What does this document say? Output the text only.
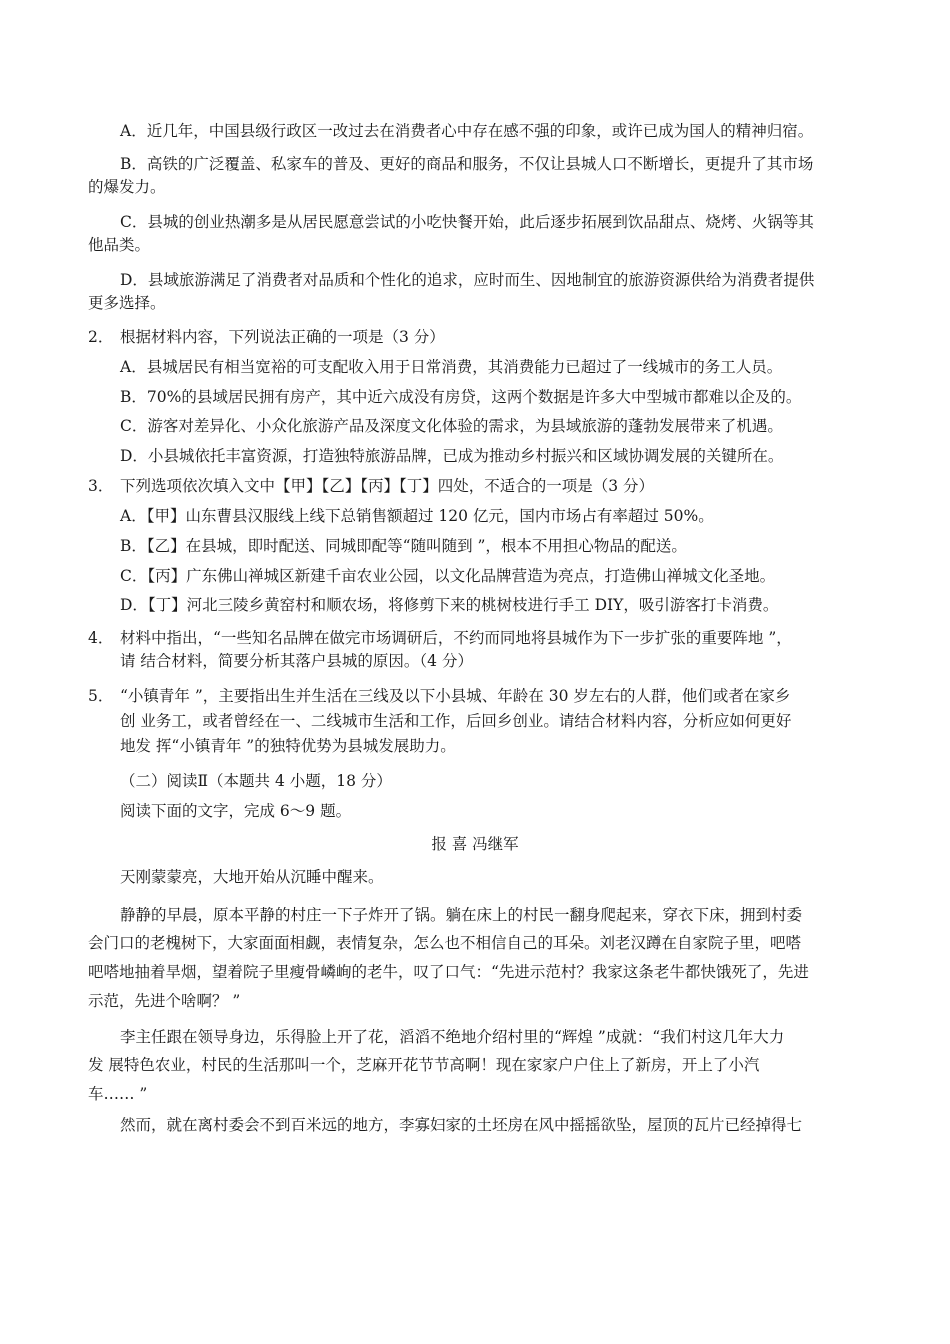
A．近几年，中国县级行政区一改过去在消费者心中存在感不强的印象，或许已成为国人的精神归宿。
B．高铁的广泛覆盖、私家车的普及、更好的商品和服务，不仅让县城人口不断增长，更提升了其市场
的爆发力。
C．县城的创业热潮多是从居民愿意尝试的小吃快餐开始，此后逐步拓展到饮品甜点、烧烤、火锅等其
他品类。
D．县域旅游满足了消费者对品质和个性化的追求，应时而生、因地制宜的旅游资源供给为消费者提供
更多选择。
2． 根据材料内容，下列说法正确的一项是（3 分）
A．县城居民有相当宽裕的可支配收入用于日常消费，其消费能力已超过了一线城市的务工人员。
B．70%的县域居民拥有房产，其中近六成没有房贷，这两个数据是许多大中型城市都难以企及的。
C．游客对差异化、小众化旅游产品及深度文化体验的需求，为县域旅游的蓬勃发展带来了机遇。
D．小县城依托丰富资源，打造独特旅游品牌，已成为推动乡村振兴和区域协调发展的关键所在。
3． 下列选项依次填入文中【甲】【乙】【丙】【丁】四处，不适合的一项是（3 分）
A．【甲】山东曹县汉服线上线下总销售额超过 120 亿元，国内市场占有率超过 50%。
B．【乙】在县城，即时配送、同城即配等“随叫随到 ”，根本不用担心物品的配送。
C．【丙】广东佛山禅城区新建千亩农业公园，以文化品牌营造为亮点，打造佛山禅城文化圣地。
D．【丁】河北三陵乡黄窑村和顺农场，将修剪下来的桃树枝进行手工 DIY，吸引游客打卡消费。
4． 材料中指出，“一些知名品牌在做完市场调研后，不约而同地将县城作为下一步扩张的重要阵地 ”，
请 结合材料，简要分析其落户县城的原因。（4 分）
5． “小镇青年 ”，主要指出生并生活在三线及以下小县城、年龄在 30 岁左右的人群，他们或者在家乡
创 业务工，或者曾经在一、二线城市生活和工作，后回乡创业。请结合材料内容，分析应如何更好
地发 挥“小镇青年 ”的独特优势为县城发展助力。
（二）阅读Ⅱ（本题共 4 小题，18 分）
阅读下面的文字，完成 6～9 题。
报 喜 冯继军
天刚蒙蒙亮，大地开始从沉睡中醒来。
静静的早晨，原本平静的村庄一下子炸开了锅。躺在床上的村民一翻身爬起来，穿衣下床，拥到村委
会门口的老槐树下，大家面面相觑，表情复杂，怎么也不相信自己的耳朵。刘老汉蹲在自家院子里，吧嗒
吧嗒地抽着旱烟，望着院子里瘦骨嶙峋的老牛，叹了口气：“先进示范村？我家这条老牛都快饿死了，先进
示范，先进个啥啊？ ”
李主任跟在领导身边，乐得脸上开了花，滔滔不绝地介绍村里的“辉煌 ”成就：“我们村这几年大力
发 展特色农业，村民的生活那叫一个，芝麻开花节节高啊！现在家家户户住上了新房，开上了小汽
车…… ”
然而，就在离村委会不到百米远的地方，李寡妇家的土坯房在风中摇摇欲坠，屋顶的瓦片已经掉得七
